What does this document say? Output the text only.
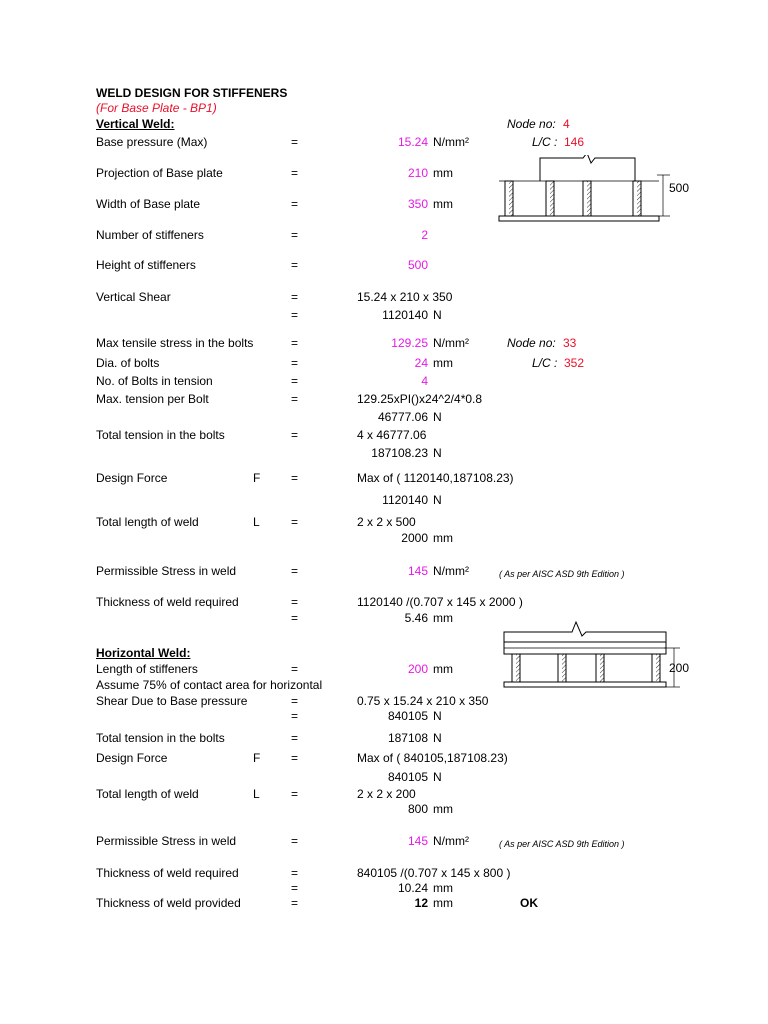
WELD DESIGN FOR STIFFENERS
(For Base Plate - BP1)
Vertical Weld:	Node no: 4
Base pressure (Max)	=	15.24 N/mm²	L/C : 146
Projection of Base plate	=	210 mm
Width of Base plate	=	350 mm
Number of stiffeners	=	2
Height of stiffeners	=	500
Vertical Shear	=	15.24 x 210 x 350
=	1120140 N
Max tensile stress in the bolts	=	129.25 N/mm²	Node no: 33
Dia. of bolts	=	24 mm	L/C : 352
No. of Bolts in tension	=	4
Max. tension per Bolt	=	129.25xPI()x24^2/4*0.8
46777.06 N
Total tension in the bolts	=	4 x 46777.06
187108.23 N
Design Force	F	=	Max of ( 1120140,187108.23)
1120140 N
Total length of weld	L	=	2 x 2 x 500
2000 mm
Permissible Stress in weld	=	145 N/mm²	( As per AISC ASD 9th Edition )
Thickness of weld required	=	1120140 /(0.707 x 145 x 2000 )
=	5.46 mm
Horizontal Weld:
Length of stiffeners	=	200 mm
Assume 75% of contact area for horizontal
Shear Due to Base pressure	=	0.75 x 15.24 x 210 x 350
=	840105 N
Total tension in the bolts	=	187108 N
Design Force	F	=	Max of ( 840105,187108.23)
840105 N
Total length of weld	L	=	2 x 2 x 200
800 mm
Permissible Stress in weld	=	145 N/mm²	( As per AISC ASD 9th Edition )
Thickness of weld required	=	840105 /(0.707 x 145 x 800 )
=	10.24 mm
Thickness of weld provided	=	12 mm	OK
500
200
